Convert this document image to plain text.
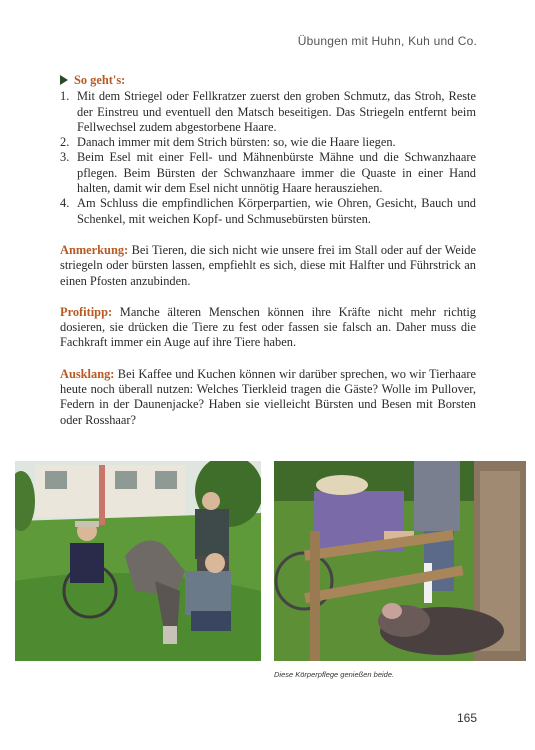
Übungen mit Huhn, Kuh und Co.
So geht's:
1. Mit dem Striegel oder Fellkratzer zuerst den groben Schmutz, das Stroh, Reste der Einstreu und eventuell den Matsch beseitigen. Das Striegeln entfernt beim Fellwechsel zudem abgestorbene Haare.
2. Danach immer mit dem Strich bürsten: so, wie die Haare liegen.
3. Beim Esel mit einer Fell- und Mähnenbürste Mähne und die Schwanzhaare pflegen. Beim Bürsten der Schwanzhaare immer die Quaste in einer Hand halten, damit wir dem Esel nicht unnötig Haare herausziehen.
4. Am Schluss die empfindlichen Körperpartien, wie Ohren, Gesicht, Bauch und Schenkel, mit weichen Kopf- und Schmusebürsten bürsten.

Anmerkung: Bei Tieren, die sich nicht wie unsere frei im Stall oder auf der Weide striegeln oder bürsten lassen, empfiehlt es sich, diese mit Halfter und Führstrick an einen Pfosten anzubinden.

Profitipp: Manche älteren Menschen können ihre Kräfte nicht mehr richtig dosieren, sie drücken die Tiere zu fest oder fassen sie falsch an. Daher muss die Fachkraft immer ein Auge auf ihre Tiere haben.

Ausklang: Bei Kaffee und Kuchen können wir darüber sprechen, wo wir Tierhaare heute noch überall nutzen: Welches Tierkleid tragen die Gäste? Wolle im Pullover, Federn in der Daunenjacke? Haben sie vielleicht Bürsten und Besen mit Borsten oder Rosshaar?

Diese Körperpflege genießen beide.
165
